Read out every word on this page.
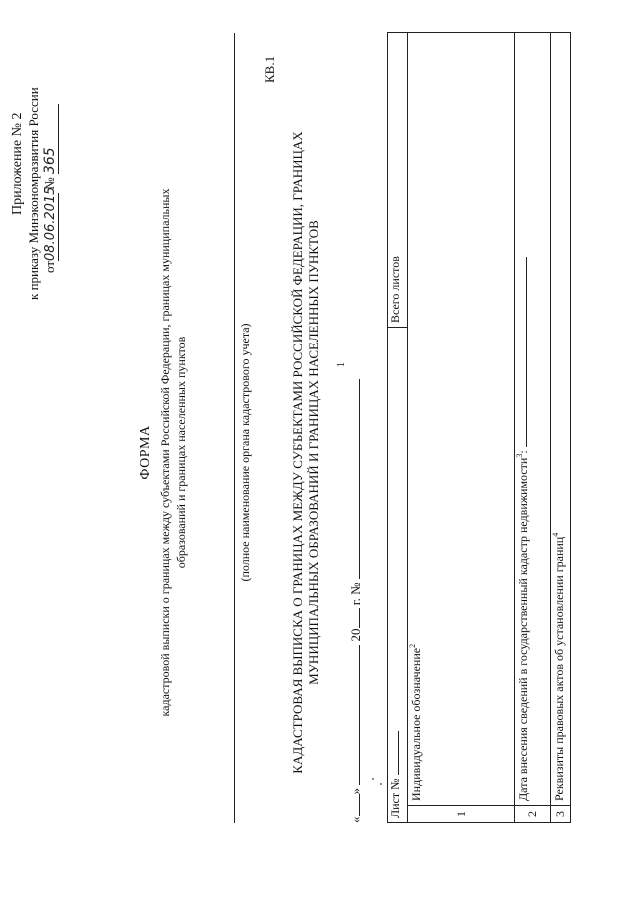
Приложение № 2 к приказу Минэкономразвития России от08.06.2015 № 365
ФОРМА кадастровой выписки о границах между субъектами Российской Федерации, границах муниципальных образований и границах населенных пунктов	(полное наименование органа кадастрового учета)
КВ.1
КАДАСТРОВАЯ ВЫПИСКА О ГРАНИЦАХ МЕЖДУ СУБЪЕКТАМИ РОССИЙСКОЙ ФЕДЕРАЦИИ, ГРАНИЦАХ МУНИЦИПАЛЬНЫХ ОБРАЗОВАНИЙ И ГРАНИЦАХ НАСЕЛЕННЫХ ПУНКТОВ
«»  20 г. №
1
Лист №		Всего листов
1	Индивидуальное обозначение$^2$
2	Дата внесения сведений в государственный кадастр недвижимости$^3$:	
3	Реквизиты правовых актов об установлении границ$^4$
